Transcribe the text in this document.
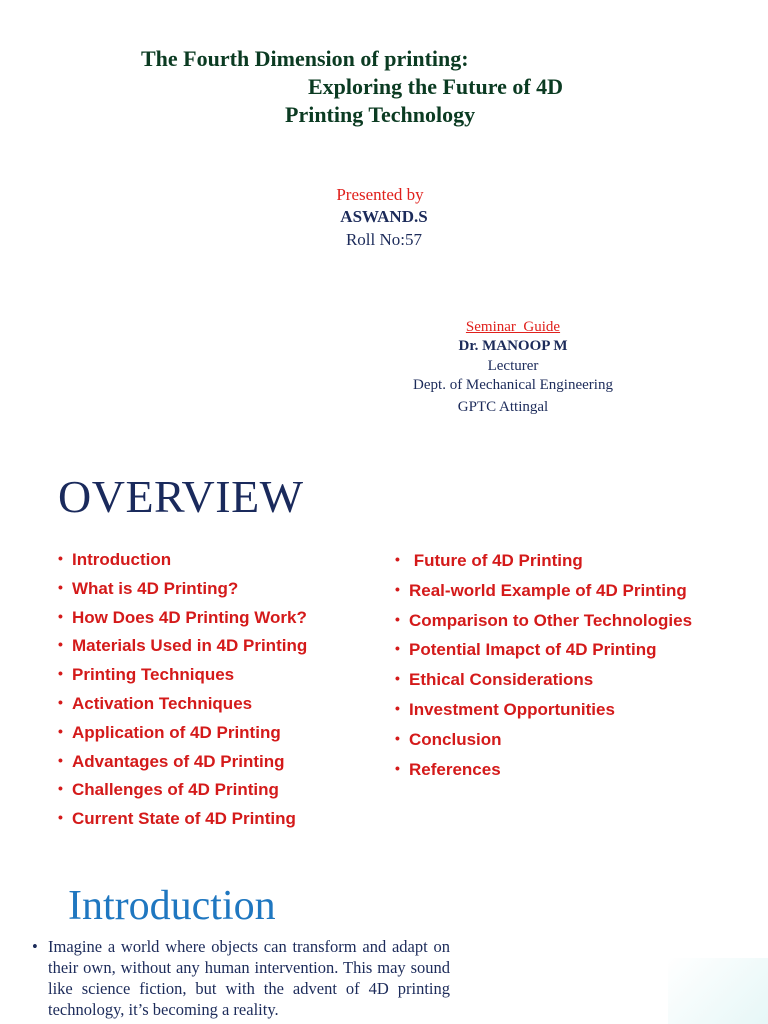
The Fourth Dimension of printing:
Exploring the Future of 4D
Printing Technology
Presented by
ASWAND.S
Roll No:57
Seminar  Guide
Dr. MANOOP M
Lecturer
Dept. of Mechanical Engineering
GPTC Attingal
OVERVIEW
• Introduction
• What is 4D Printing?
• How Does 4D Printing Work?
• Materials Used in 4D Printing
• Printing Techniques
• Activation Techniques
• Application of 4D Printing
• Advantages of 4D Printing
• Challenges of 4D Printing
• Current State of 4D Printing
•  Future of 4D Printing
• Real-world Example of 4D Printing
• Comparison to Other Technologies
• Potential Imapct of 4D Printing
• Ethical Considerations
• Investment Opportunities
• Conclusion
• References
Introduction
• Imagine a world where objects can transform and adapt on their own, without any human intervention. This may sound like science fiction, but with the advent of 4D printing technology, it’s becoming a reality.
